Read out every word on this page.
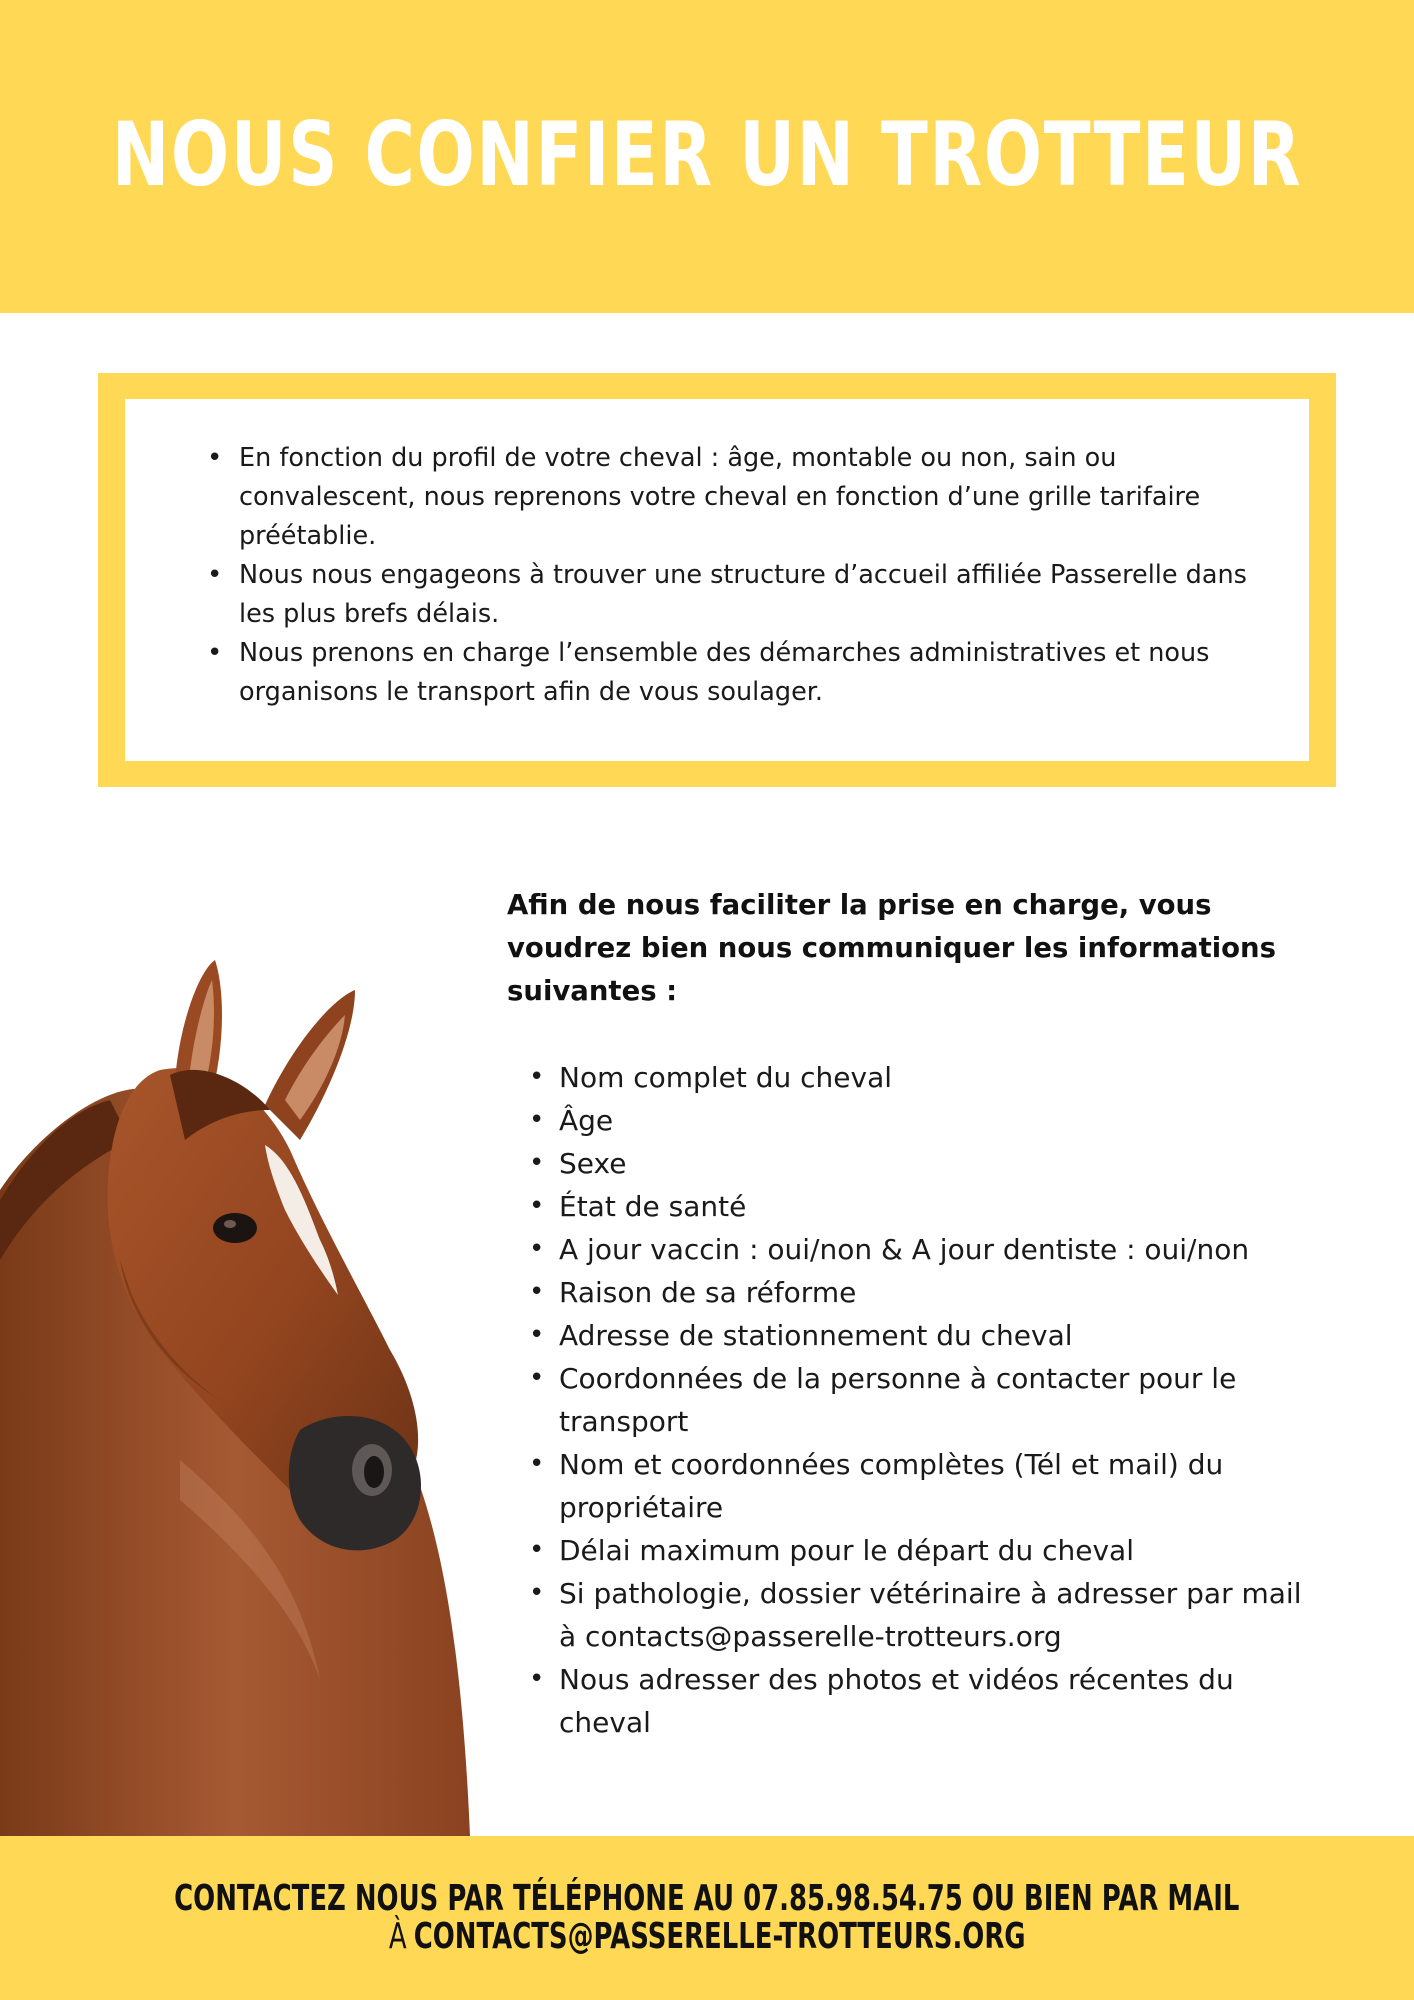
NOUS CONFIER UN TROTTEUR
• En fonction du profil de votre cheval : âge, montable ou non, sain ou convalescent, nous reprenons votre cheval en fonction d’une grille tarifaire préétablie.
• Nous nous engageons à trouver une structure d’accueil affiliée Passerelle dans les plus brefs délais.
• Nous prenons en charge l’ensemble des démarches administratives et nous organisons le transport afin de vous soulager.

Afin de nous faciliter la prise en charge, vous voudrez bien nous communiquer les informations suivantes :

• Nom complet du cheval
• Âge
• Sexe
• État de santé
• A jour vaccin : oui/non & A jour dentiste : oui/non
• Raison de sa réforme
• Adresse de stationnement du cheval
• Coordonnées de la personne à contacter pour le transport
• Nom et coordonnées complètes (Tél et mail) du propriétaire
• Délai maximum pour le départ du cheval
• Si pathologie, dossier vétérinaire à adresser par mail à contacts@passerelle-trotteurs.org
• Nous adresser des photos et vidéos récentes du cheval
CONTACTEZ NOUS PAR TÉLÉPHONE AU 07.85.98.54.75 OU BIEN PAR MAIL
À CONTACTS@PASSERELLE-TROTTEURS.ORG
